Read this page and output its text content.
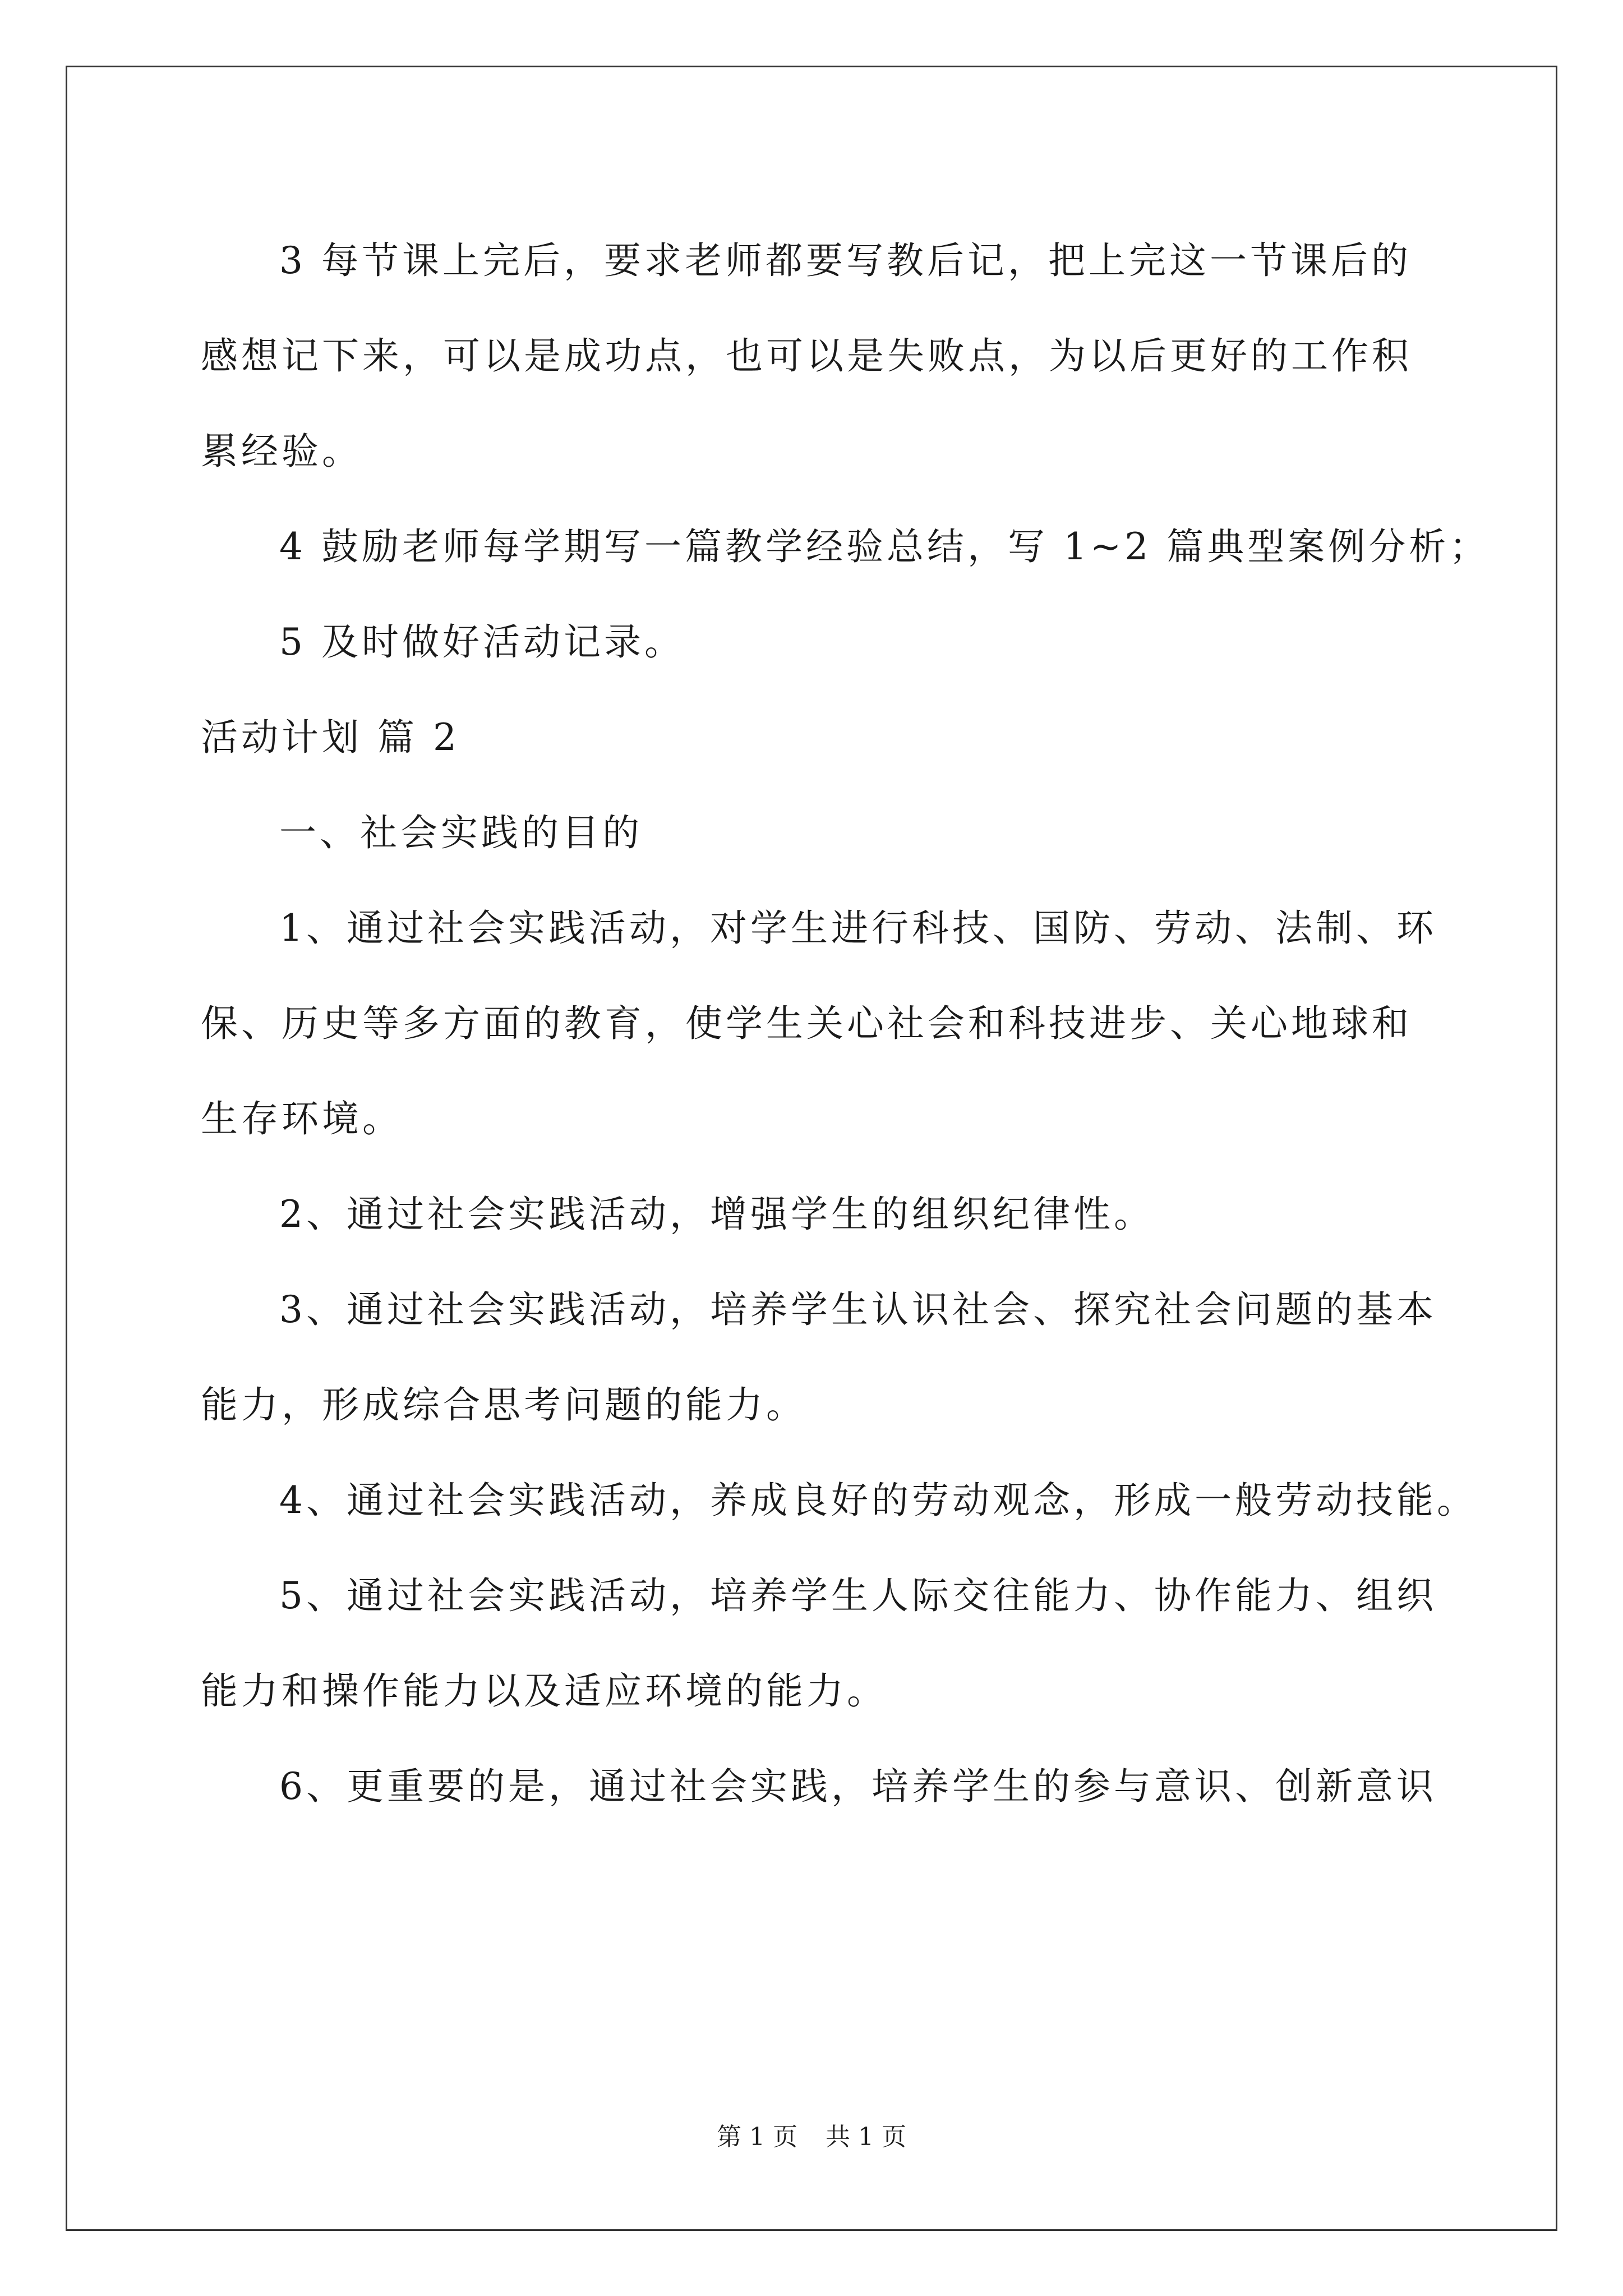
3 每节课上完后，要求老师都要写教后记，把上完这一节课后的

感想记下来，可以是成功点，也可以是失败点，为以后更好的工作积

累经验。

4 鼓励老师每学期写一篇教学经验总结，写 1~2 篇典型案例分析；

5 及时做好活动记录。

活动计划 篇 2

一、社会实践的目的

1、通过社会实践活动，对学生进行科技、国防、劳动、法制、环

保、历史等多方面的教育，使学生关心社会和科技进步、关心地球和

生存环境。

2、通过社会实践活动，增强学生的组织纪律性。

3、通过社会实践活动，培养学生认识社会、探究社会问题的基本

能力，形成综合思考问题的能力。

4、通过社会实践活动，养成良好的劳动观念，形成一般劳动技能。

5、通过社会实践活动，培养学生人际交往能力、协作能力、组织

能力和操作能力以及适应环境的能力。

6、更重要的是，通过社会实践，培养学生的参与意识、创新意识

第 1 页 共 1 页
